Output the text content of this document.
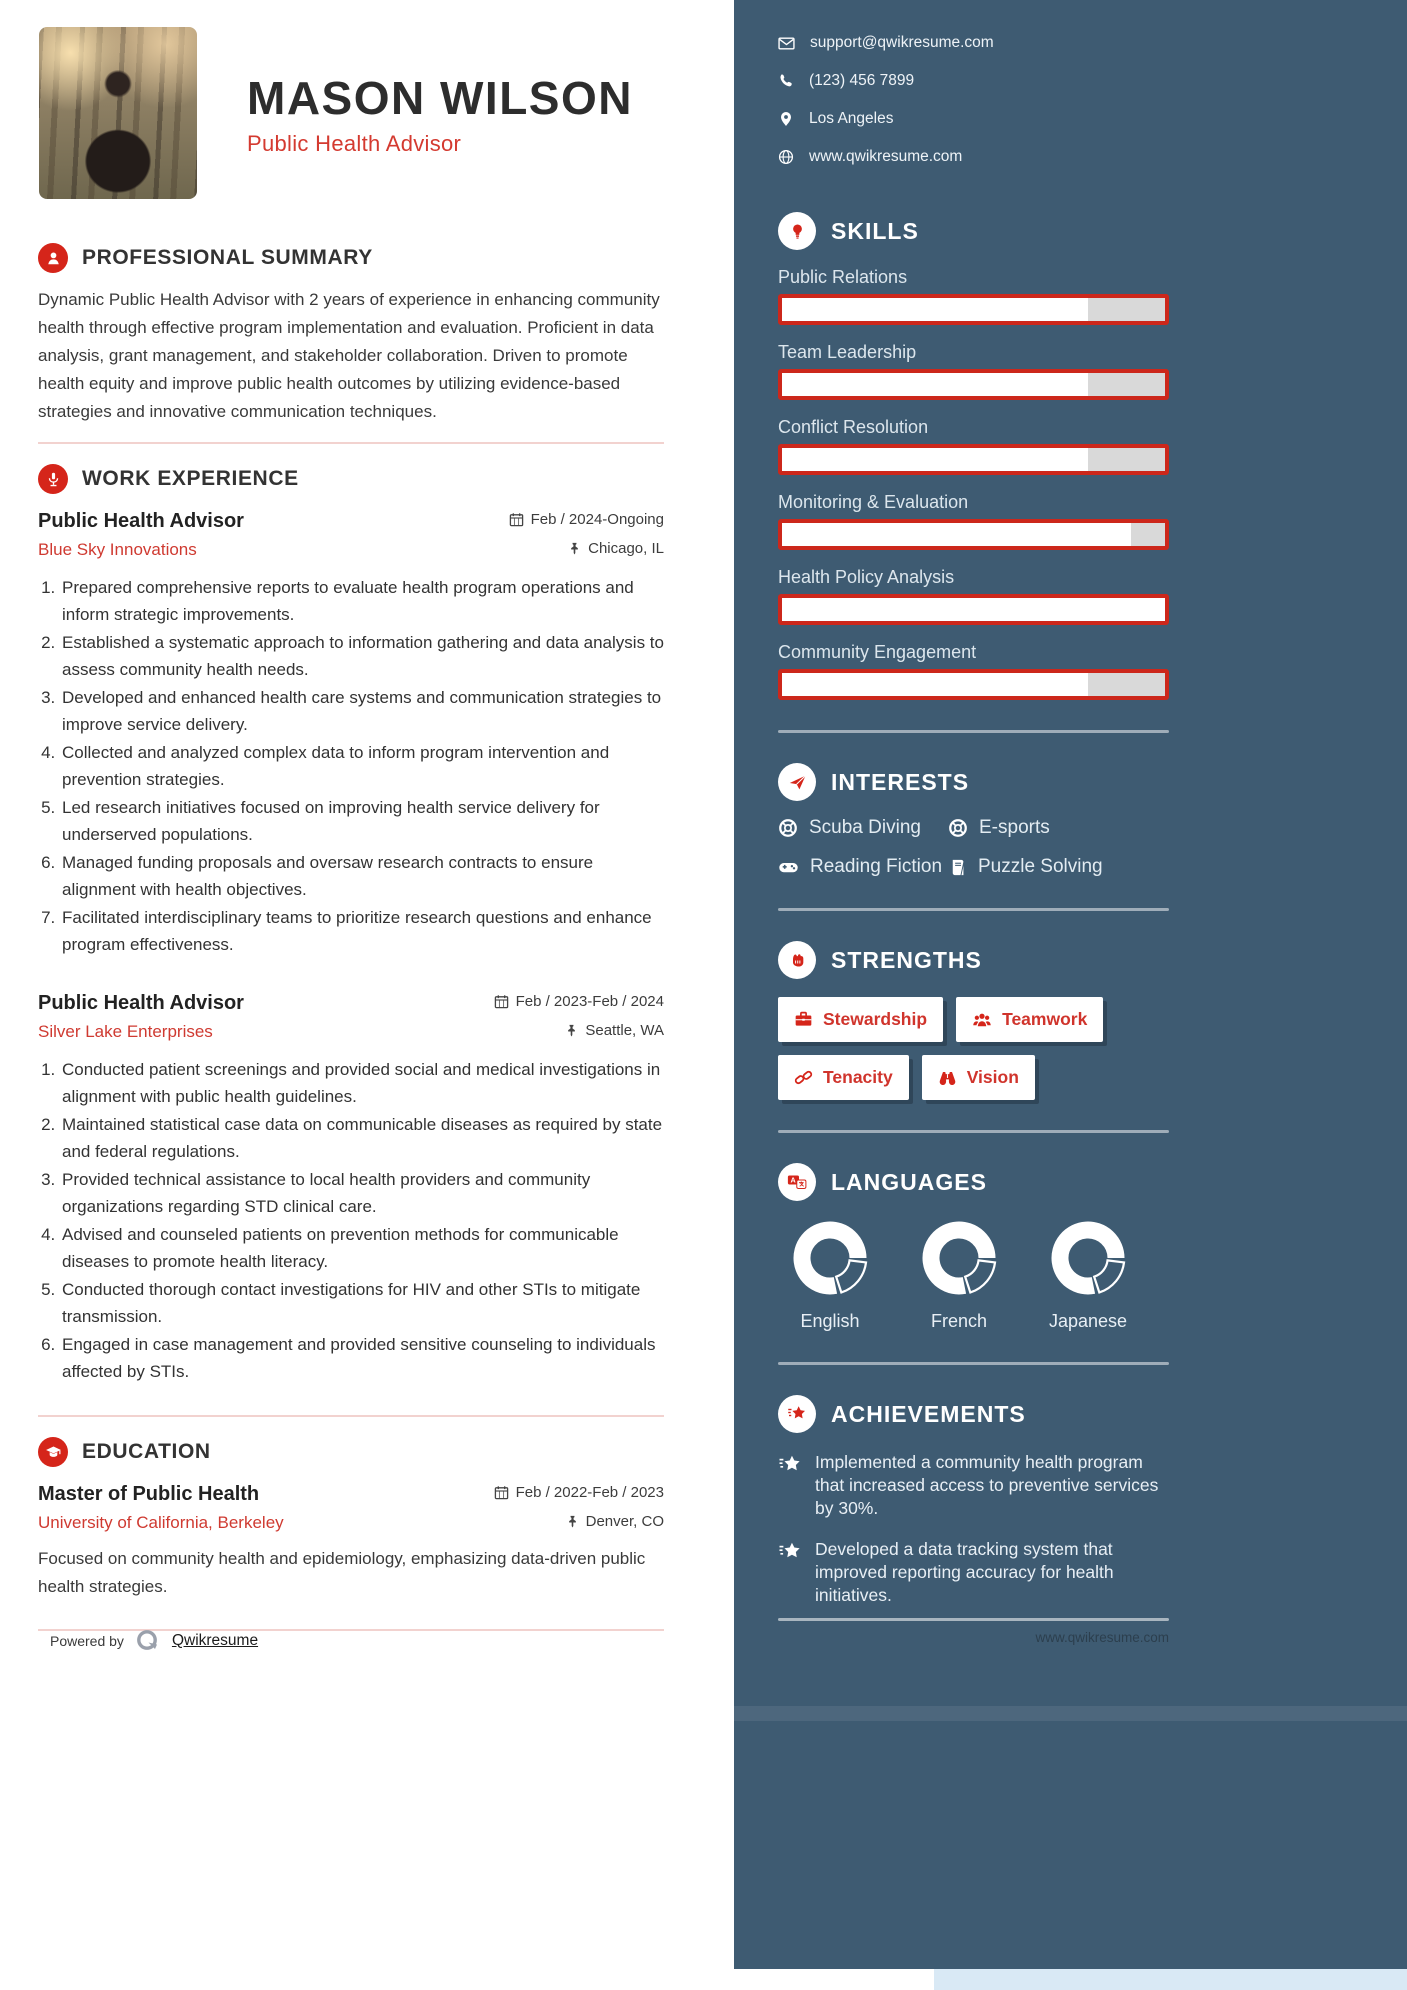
MASON WILSON
Public Health Advisor
PROFESSIONAL SUMMARY
Dynamic Public Health Advisor with 2 years of experience in enhancing community health through effective program implementation and evaluation. Proficient in data analysis, grant management, and stakeholder collaboration. Driven to promote health equity and improve public health outcomes by utilizing evidence-based strategies and innovative communication techniques.
WORK EXPERIENCE
Public Health Advisor	Feb / 2024-Ongoing
Blue Sky Innovations	Chicago, IL
1. Prepared comprehensive reports to evaluate health program operations and inform strategic improvements.
2. Established a systematic approach to information gathering and data analysis to assess community health needs.
3. Developed and enhanced health care systems and communication strategies to improve service delivery.
4. Collected and analyzed complex data to inform program intervention and prevention strategies.
5. Led research initiatives focused on improving health service delivery for underserved populations.
6. Managed funding proposals and oversaw research contracts to ensure alignment with health objectives.
7. Facilitated interdisciplinary teams to prioritize research questions and enhance program effectiveness.
Public Health Advisor	Feb / 2023-Feb / 2024
Silver Lake Enterprises	Seattle, WA
1. Conducted patient screenings and provided social and medical investigations in alignment with public health guidelines.
2. Maintained statistical case data on communicable diseases as required by state and federal regulations.
3. Provided technical assistance to local health providers and community organizations regarding STD clinical care.
4. Advised and counseled patients on prevention methods for communicable diseases to promote health literacy.
5. Conducted thorough contact investigations for HIV and other STIs to mitigate transmission.
6. Engaged in case management and provided sensitive counseling to individuals affected by STIs.
EDUCATION
Master of Public Health	Feb / 2022-Feb / 2023
University of California, Berkeley	Denver, CO
Focused on community health and epidemiology, emphasizing data-driven public health strategies.
Powered by	Qwikresume
support@qwikresume.com
(123) 456 7899
Los Angeles
www.qwikresume.com
SKILLS
Public Relations
Team Leadership
Conflict Resolution
Monitoring & Evaluation
Health Policy Analysis
Community Engagement
INTERESTS
Scuba Diving	E-sports
Reading Fiction Puzzle Solving
STRENGTHS
Stewardship	Teamwork
Tenacity	Vision
A LANGUAGES
English	French	Japanese
ACHIEVEMENTS
Implemented a community health program that increased access to preventive services by 30%.
Developed a data tracking system that improved reporting accuracy for health initiatives.
www.qwikresume.com
